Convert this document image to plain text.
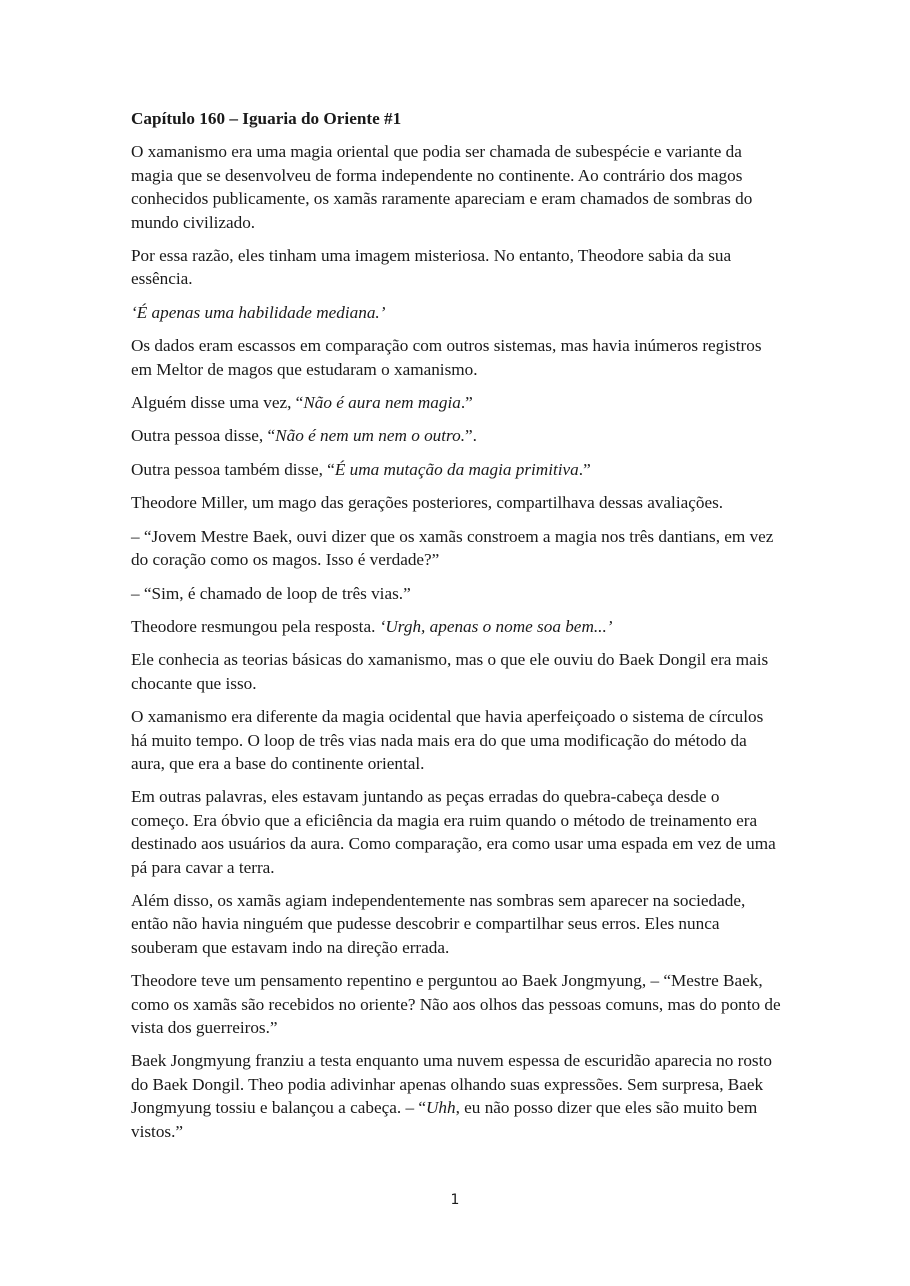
Capítulo 160 – Iguaria do Oriente #1

O xamanismo era uma magia oriental que podia ser chamada de subespécie e variante da magia que se desenvolveu de forma independente no continente. Ao contrário dos magos conhecidos publicamente, os xamãs raramente apareciam e eram chamados de sombras do mundo civilizado.

Por essa razão, eles tinham uma imagem misteriosa. No entanto, Theodore sabia da sua essência.

‘É apenas uma habilidade mediana.’

Os dados eram escassos em comparação com outros sistemas, mas havia inúmeros registros em Meltor de magos que estudaram o xamanismo.

Alguém disse uma vez, “Não é aura nem magia.”

Outra pessoa disse, “Não é nem um nem o outro.”.

Outra pessoa também disse, “É uma mutação da magia primitiva.”

Theodore Miller, um mago das gerações posteriores, compartilhava dessas avaliações.

– “Jovem Mestre Baek, ouvi dizer que os xamãs constroem a magia nos três dantians, em vez do coração como os magos. Isso é verdade?”

– “Sim, é chamado de loop de três vias.”

Theodore resmungou pela resposta. ‘Urgh, apenas o nome soa bem...’

Ele conhecia as teorias básicas do xamanismo, mas o que ele ouviu do Baek Dongil era mais chocante que isso.

O xamanismo era diferente da magia ocidental que havia aperfeiçoado o sistema de círculos há muito tempo. O loop de três vias nada mais era do que uma modificação do método da aura, que era a base do continente oriental.

Em outras palavras, eles estavam juntando as peças erradas do quebra-cabeça desde o começo. Era óbvio que a eficiência da magia era ruim quando o método de treinamento era destinado aos usuários da aura. Como comparação, era como usar uma espada em vez de uma pá para cavar a terra.

Além disso, os xamãs agiam independentemente nas sombras sem aparecer na sociedade, então não havia ninguém que pudesse descobrir e compartilhar seus erros. Eles nunca souberam que estavam indo na direção errada.

Theodore teve um pensamento repentino e perguntou ao Baek Jongmyung, – “Mestre Baek, como os xamãs são recebidos no oriente? Não aos olhos das pessoas comuns, mas do ponto de vista dos guerreiros.”

Baek Jongmyung franziu a testa enquanto uma nuvem espessa de escuridão aparecia no rosto do Baek Dongil. Theo podia adivinhar apenas olhando suas expressões. Sem surpresa, Baek Jongmyung tossiu e balançou a cabeça. – “Uhh, eu não posso dizer que eles são muito bem vistos.”

1
